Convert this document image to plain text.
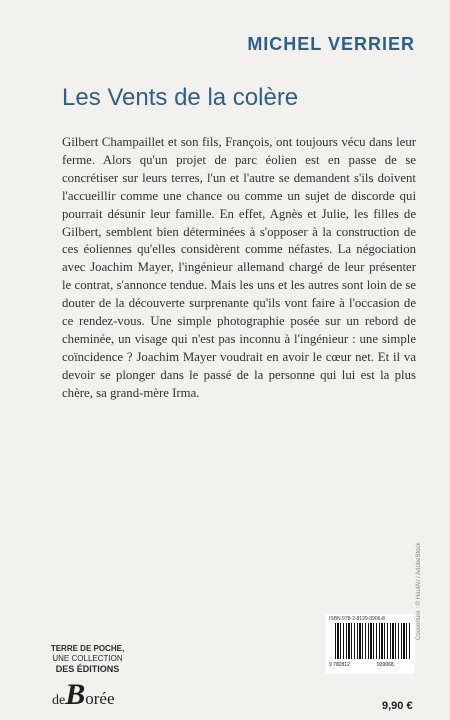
MICHEL VERRIER
Les Vents de la colère

Gilbert Champaillet et son fils, François, ont toujours vécu dans leur ferme. Alors qu'un projet de parc éolien est en passe de se concrétiser sur leurs terres, l'un et l'autre se demandent s'ils doivent l'accueillir comme une chance ou comme un sujet de discorde qui pourrait désunir leur famille. En effet, Agnès et Julie, les filles de Gilbert, semblent bien déterminées à s'opposer à la construction de ces éoliennes qu'elles considèrent comme néfastes. La négociation avec Joachim Mayer, l'ingénieur allemand chargé de leur présenter le contrat, s'annonce tendue. Mais les uns et les autres sont loin de se douter de la découverte surprenante qu'ils vont faire à l'occasion de ce rendez-vous. Une simple photographie posée sur un rebord de cheminée, un visage qui n'est pas inconnu à l'ingénieur : une simple coïncidence ? Joachim Mayer voudrait en avoir le cœur net. Et il va devoir se plonger dans le passé de la personne qui lui est la plus chère, sa grand-mère Irma.

Couverture : © HaulAir / AdobeStock
TERRE DE POCHE,
UNE COLLECTION
DES ÉDITIONS
deBorée
ISBN 978-2-8129-3906-8
9 782812	939068
9,90 €
